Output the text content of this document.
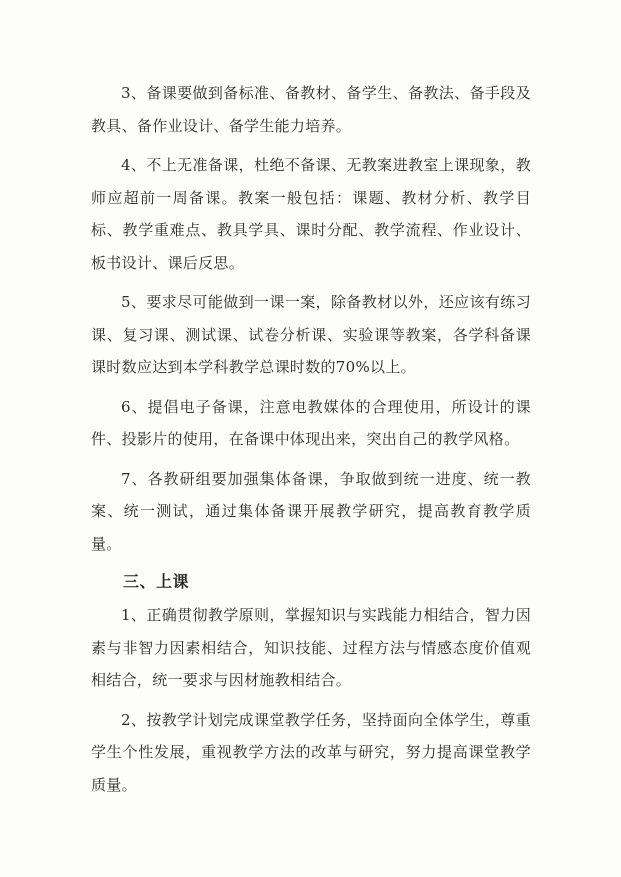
3、备课要做到备标准、备教材、备学生、备教法、备手段及教具、备作业设计、备学生能力培养。

4、不上无准备课，杜绝不备课、无教案进教室上课现象，教师应超前一周备课。教案一般包括：课题、教材分析、教学目标、教学重难点、教具学具、课时分配、教学流程、作业设计、板书设计、课后反思。

5、要求尽可能做到一课一案，除备教材以外，还应该有练习课、复习课、测试课、试卷分析课、实验课等教案，各学科备课课时数应达到本学科教学总课时数的70%以上。

6、提倡电子备课，注意电教媒体的合理使用，所设计的课件、投影片的使用，在备课中体现出来，突出自己的教学风格。

7、各教研组要加强集体备课，争取做到统一进度、统一教案、统一测试，通过集体备课开展教学研究，提高教育教学质量。

三、上课

1、正确贯彻教学原则，掌握知识与实践能力相结合，智力因素与非智力因素相结合，知识技能、过程方法与情感态度价值观相结合，统一要求与因材施教相结合。

2、按教学计划完成课堂教学任务，坚持面向全体学生，尊重学生个性发展，重视教学方法的改革与研究，努力提高课堂教学质量。
